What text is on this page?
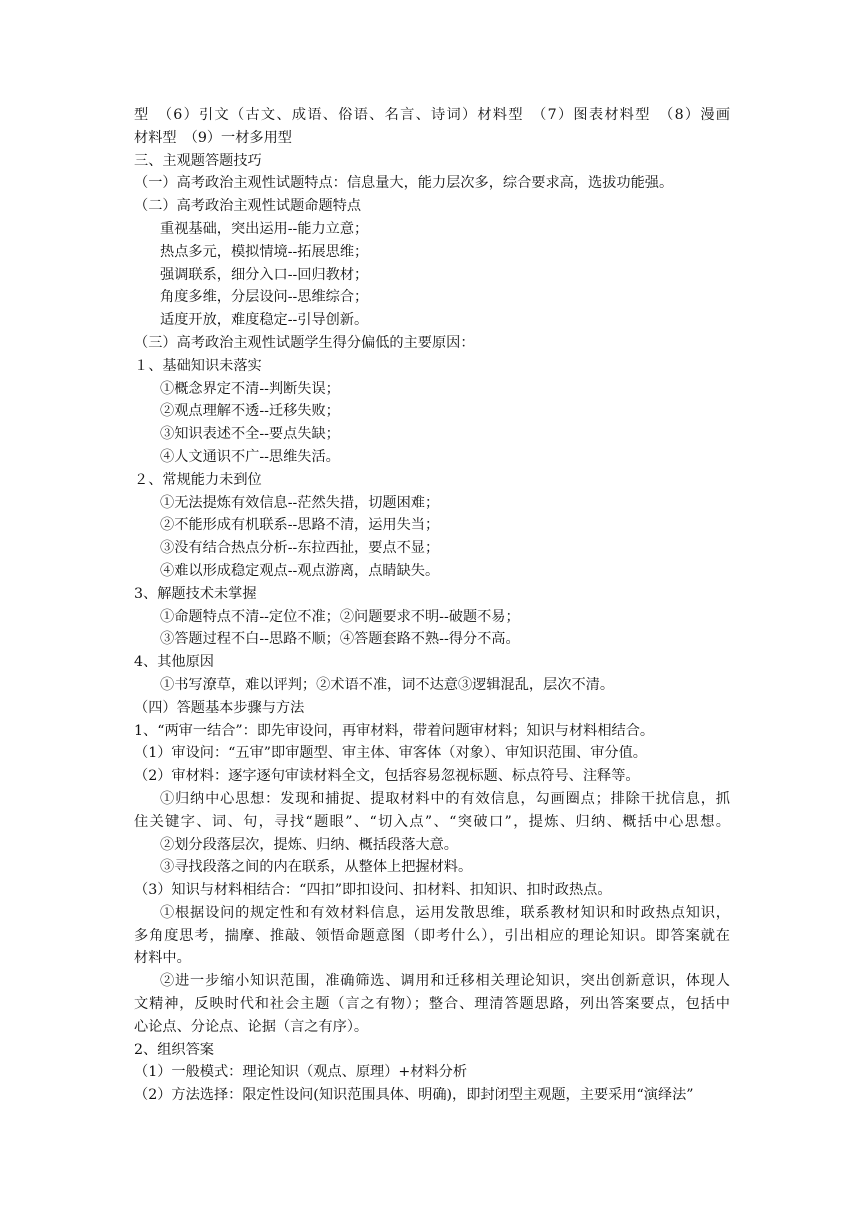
型　（6）引文（古文、成语、俗语、名言、诗词）材料型　（7）图表材料型　（8）漫画
材料型　（9）一材多用型
三、主观题答题技巧
（一）高考政治主观性试题特点：信息量大，能力层次多，综合要求高，选拔功能强。
（二）高考政治主观性试题命题特点
重视基础，突出运用--能力立意；
热点多元，模拟情境--拓展思维；
强调联系，细分入口--回归教材；
角度多维，分层设问--思维综合；
适度开放，难度稳定--引导创新。
（三）高考政治主观性试题学生得分偏低的主要原因：
１、基础知识未落实
①概念界定不清--判断失误；
②观点理解不透--迁移失败；
③知识表述不全--要点失缺；
④人文通识不广--思维失活。
２、常规能力未到位
①无法提炼有效信息--茫然失措，切题困难；
②不能形成有机联系--思路不清，运用失当；
③没有结合热点分析--东拉西扯，要点不显；
④难以形成稳定观点--观点游离，点睛缺失。
3、解题技术未掌握
①命题特点不清--定位不准；②问题要求不明--破题不易；
③答题过程不白--思路不顺；④答题套路不熟--得分不高。
4、其他原因
①书写潦草，难以评判；②术语不准，词不达意③逻辑混乱，层次不清。
（四）答题基本步骤与方法
1、“两审一结合”：即先审设问，再审材料，带着问题审材料；知识与材料相结合。
（1）审设问：“五审”即审题型、审主体、审客体（对象）、审知识范围、审分值。
（2）审材料：逐字逐句审读材料全文，包括容易忽视标题、标点符号、注释等。
①归纳中心思想：发现和捕捉、提取材料中的有效信息，勾画圈点；排除干扰信息，抓
住关键字、词、句，寻找“题眼”、“切入点”、“突破口”，提炼、归纳、概括中心思想。
②划分段落层次，提炼、归纳、概括段落大意。
③寻找段落之间的内在联系，从整体上把握材料。
（3）知识与材料相结合：“四扣”即扣设问、扣材料、扣知识、扣时政热点。
①根据设问的规定性和有效材料信息，运用发散思维，联系教材知识和时政热点知识，
多角度思考，揣摩、推敲、领悟命题意图（即考什么），引出相应的理论知识。即答案就在
材料中。
②进一步缩小知识范围，准确筛选、调用和迁移相关理论知识，突出创新意识，体现人
文精神，反映时代和社会主题（言之有物）；整合、理清答题思路，列出答案要点，包括中
心论点、分论点、论据（言之有序）。
2、组织答案
（1）一般模式：理论知识（观点、原理）+材料分析
（2）方法选择：限定性设问(知识范围具体、明确)，即封闭型主观题，主要采用“演绎法”
